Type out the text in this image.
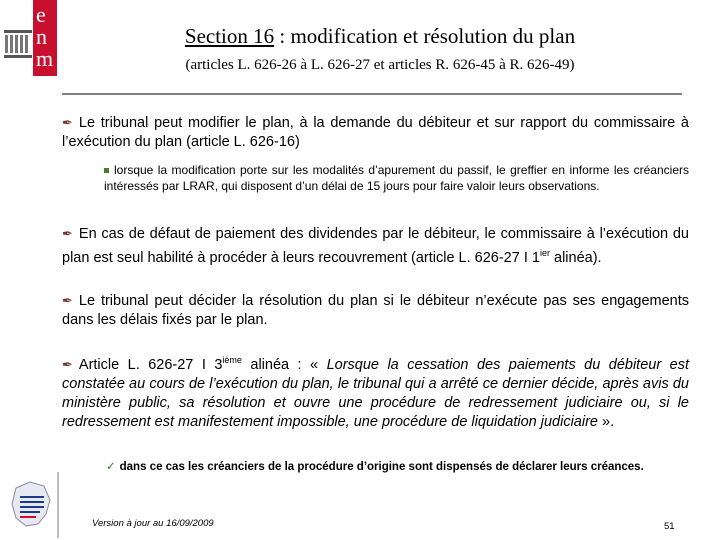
e
n
m
Section 16 : modification et résolution du plan
(articles L. 626-26 à L. 626-27 et articles R. 626-45 à R. 626-49)
✒ Le tribunal peut modifier le plan, à la demande du débiteur et sur rapport du commissaire à l’exécution du plan (article L. 626-16)
lorsque la modification porte sur les modalités d’apurement du passif, le greffier en informe les créanciers intéressés par LRAR, qui disposent d’un délai de 15 jours pour faire valoir leurs observations.
✒ En cas de défaut de paiement des dividendes par le débiteur, le commissaire à l’exécution du plan est seul habilité à procéder à leurs recouvrement (article L. 626-27 I $1^{ier}$ alinéa).
✒ Le tribunal peut décider la résolution du plan si le débiteur n’exécute pas ses engagements dans les délais fixés par le plan.
✒ Article L. 626-27 I 3ième alinéa : « Lorsque la cessation des paiements du débiteur est constatée au cours de l’exécution du plan, le tribunal qui a arrêté ce dernier décide, après avis du ministère public, sa résolution et ouvre une procédure de redressement judiciaire ou, si le redressement est manifestement impossible, une procédure de liquidation judiciaire ».
✓ dans ce cas les créanciers de la procédure d’origine sont dispensés de déclarer leurs créances.
Version à jour au 16/09/2009	51
